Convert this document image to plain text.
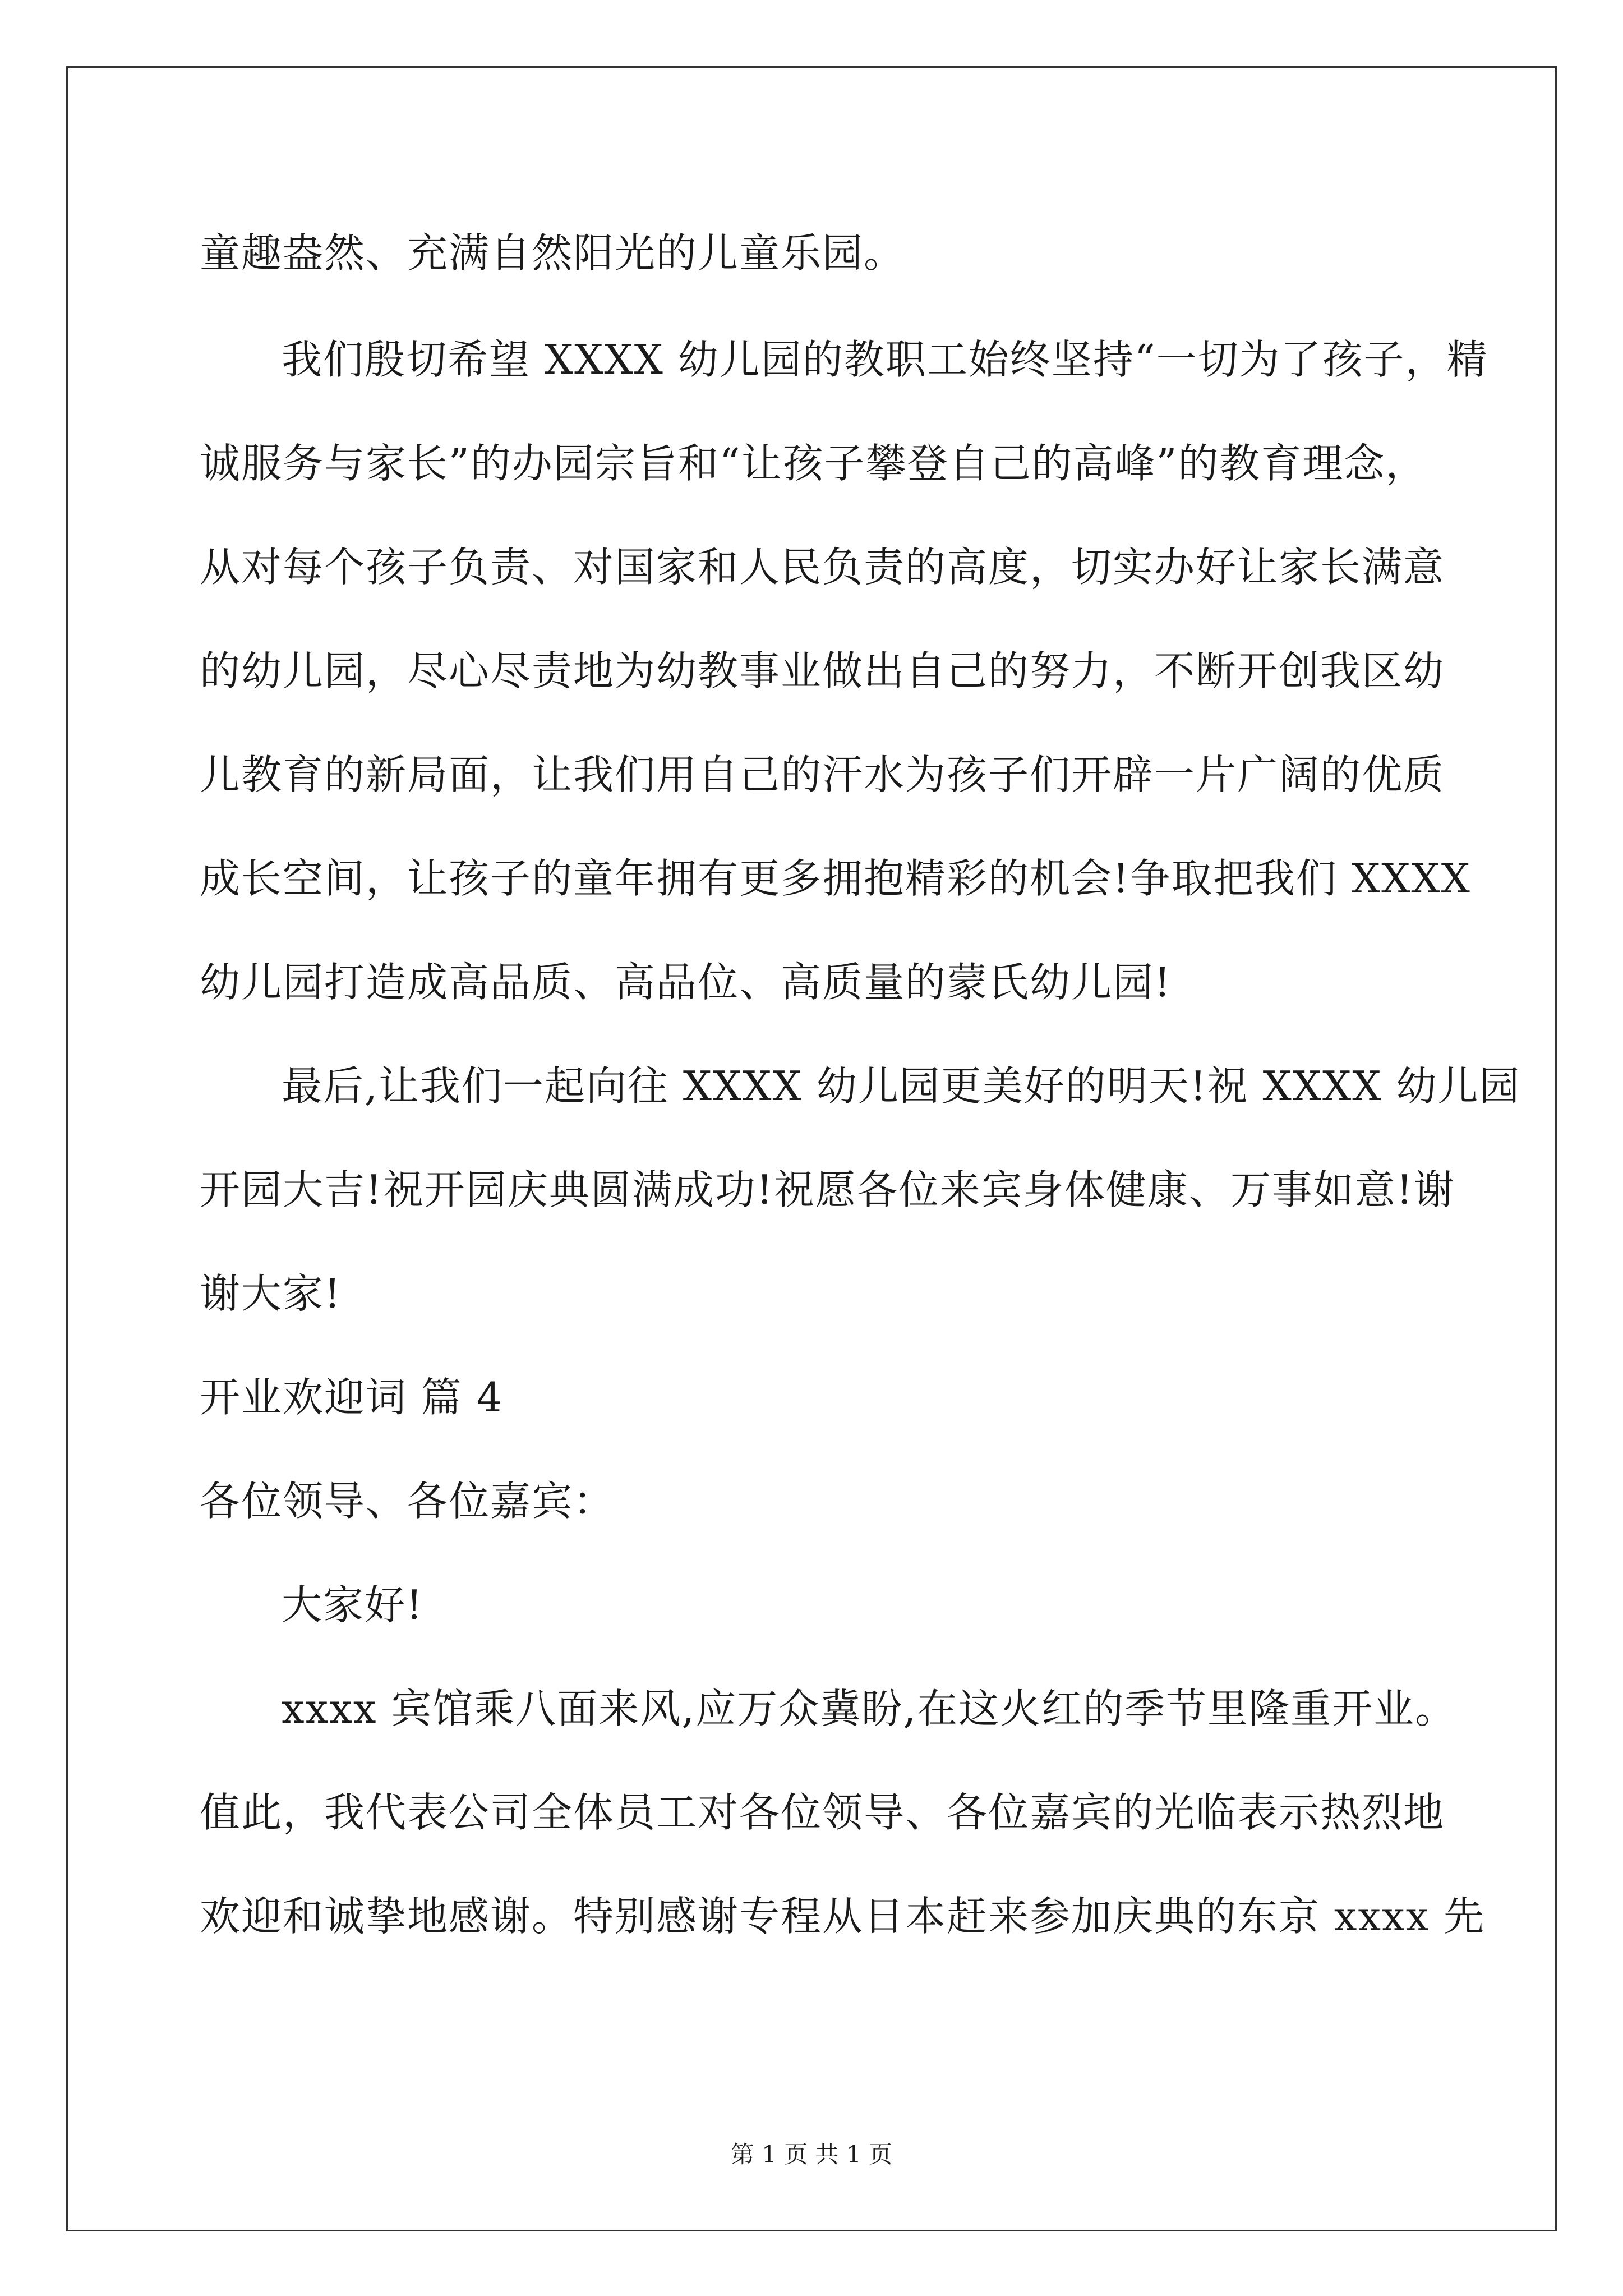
童趣盎然、充满自然阳光的儿童乐园。
我们殷切希望 XXXX 幼儿园的教职工始终坚持“一切为了孩子，精
诚服务与家长”的办园宗旨和“让孩子攀登自己的高峰”的教育理念，
从对每个孩子负责、对国家和人民负责的高度，切实办好让家长满意
的幼儿园，尽心尽责地为幼教事业做出自己的努力，不断开创我区幼
儿教育的新局面，让我们用自己的汗水为孩子们开辟一片广阔的优质
成长空间，让孩子的童年拥有更多拥抱精彩的机会!争取把我们 XXXX
幼儿园打造成高品质、高品位、高质量的蒙氏幼儿园!
最后,让我们一起向往 XXXX 幼儿园更美好的明天!祝 XXXX 幼儿园
开园大吉!祝开园庆典圆满成功!祝愿各位来宾身体健康、万事如意!谢
谢大家!
开业欢迎词 篇 4
各位领导、各位嘉宾：
大家好!
xxxx 宾馆乘八面来风,应万众冀盼,在这火红的季节里隆重开业。
值此，我代表公司全体员工对各位领导、各位嘉宾的光临表示热烈地
欢迎和诚挚地感谢。特别感谢专程从日本赶来参加庆典的东京 xxxx 先
第 1 页 共 1 页
